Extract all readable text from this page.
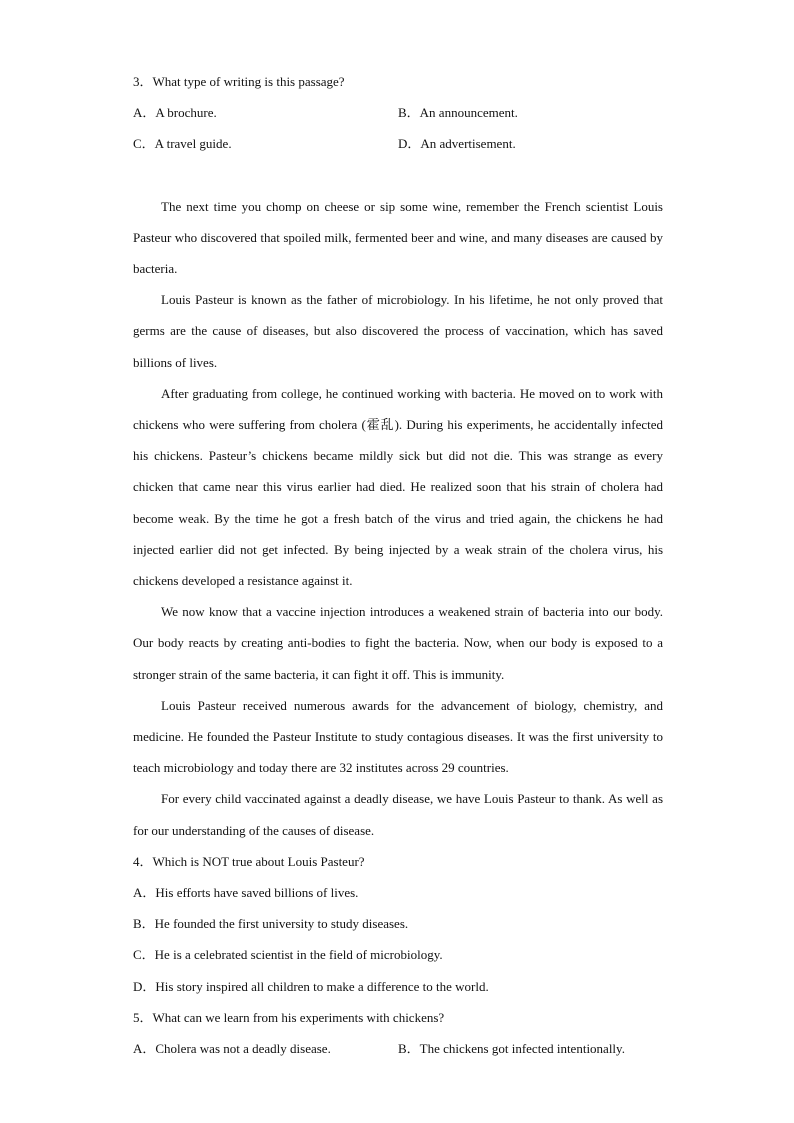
3．What type of writing is this passage?
A．A brochure.	B．An announcement.
C．A travel guide.	D．An advertisement.

The next time you chomp on cheese or sip some wine, remember the French scientist Louis Pasteur who discovered that spoiled milk, fermented beer and wine, and many diseases are caused by bacteria.

Louis Pasteur is known as the father of microbiology. In his lifetime, he not only proved that germs are the cause of diseases, but also discovered the process of vaccination, which has saved billions of lives.

After graduating from college, he continued working with bacteria. He moved on to work with chickens who were suffering from cholera (霍乱). During his experiments, he accidentally infected his chickens. Pasteur’s chickens became mildly sick but did not die. This was strange as every chicken that came near this virus earlier had died. He realized soon that his strain of cholera had become weak. By the time he got a fresh batch of the virus and tried again, the chickens he had injected earlier did not get infected. By being injected by a weak strain of the cholera virus, his chickens developed a resistance against it.

We now know that a vaccine injection introduces a weakened strain of bacteria into our body. Our body reacts by creating anti-bodies to fight the bacteria. Now, when our body is exposed to a stronger strain of the same bacteria, it can fight it off. This is immunity.

Louis Pasteur received numerous awards for the advancement of biology, chemistry, and medicine. He founded the Pasteur Institute to study contagious diseases. It was the first university to teach microbiology and today there are 32 institutes across 29 countries.

For every child vaccinated against a deadly disease, we have Louis Pasteur to thank. As well as for our understanding of the causes of disease.

4．Which is NOT true about Louis Pasteur?
A．His efforts have saved billions of lives.
B．He founded the first university to study diseases.
C．He is a celebrated scientist in the field of microbiology.
D．His story inspired all children to make a difference to the world.
5．What can we learn from his experiments with chickens?
A．Cholera was not a deadly disease.	B．The chickens got infected intentionally.
